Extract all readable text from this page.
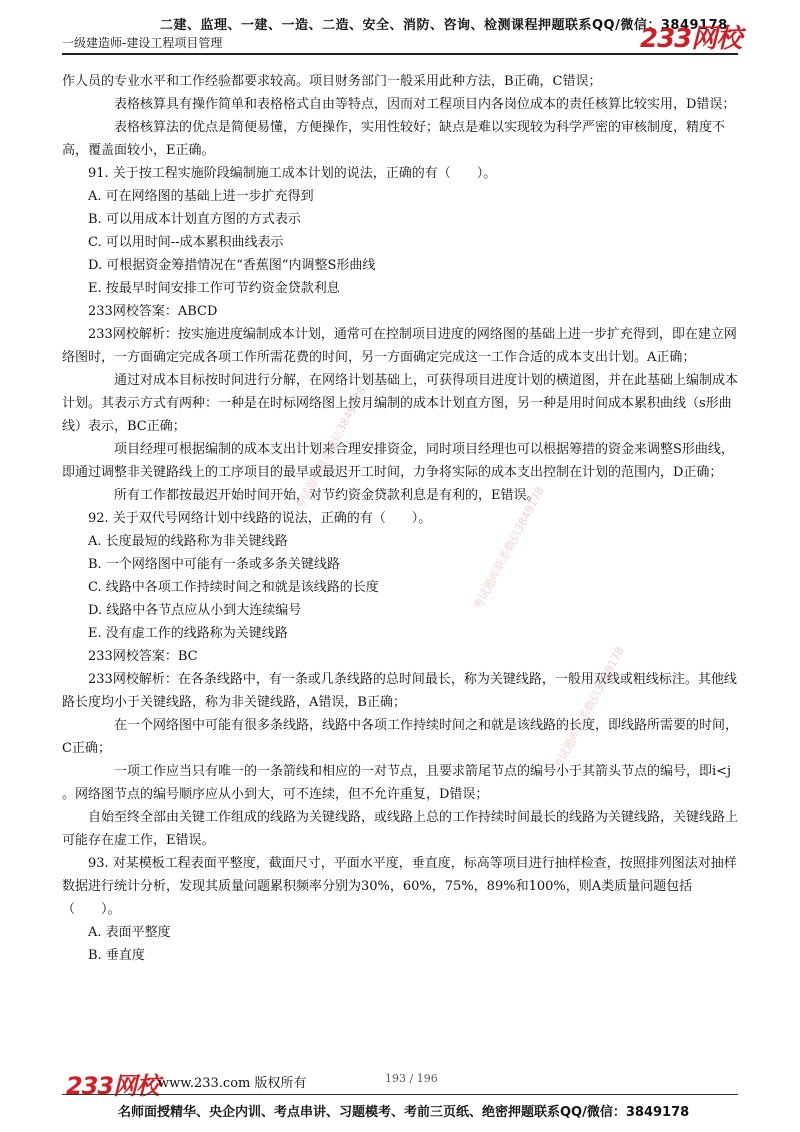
二建、监理、一建、一造、二造、安全、消防、咨询、检测课程押题联系QQ/微信：3849178
一级建造师-建设工程项目管理	233网校

作人员的专业水平和工作经验都要求较高。项目财务部门一般采用此种方法，B正确，C错误；

表格核算具有操作简单和表格格式自由等特点，因而对工程项目内各岗位成本的责任核算比较实用，D错误；

表格核算法的优点是简便易懂，方便操作，实用性较好；缺点是难以实现较为科学严密的审核制度，精度不高，覆盖面较小，E正确。

91. 关于按工程实施阶段编制施工成本计划的说法，正确的有（　　）。

A. 可在网络图的基础上进一步扩充得到

B. 可以用成本计划直方图的方式表示

C. 可以用时间--成本累积曲线表示

D. 可根据资金筹措情况在“香蕉图”内调整S形曲线

E. 按最早时间安排工作可节约资金贷款利息

233网校答案：ABCD

233网校解析：按实施进度编制成本计划，通常可在控制项目进度的网络图的基础上进一步扩充得到，即在建立网络图时，一方面确定完成各项工作所需花费的时间，另一方面确定完成这一工作合适的成本支出计划。A正确；

通过对成本目标按时间进行分解，在网络计划基础上，可获得项目进度计划的横道图，并在此基础上编制成本计划。其表示方式有两种：一种是在时标网络图上按月编制的成本计划直方图，另一种是用时间成本累积曲线（s形曲线）表示，BC正确；

项目经理可根据编制的成本支出计划来合理安排资金，同时项目经理也可以根据筹措的资金来调整S形曲线，即通过调整非关键路线上的工序项目的最早或最迟开工时间，力争将实际的成本支出控制在计划的范围内，D正确；

所有工作都按最迟开始时间开始，对节约资金贷款利息是有利的，E错误。

92. 关于双代号网络计划中线路的说法，正确的有（　　）。

A. 长度最短的线路称为非关键线路

B. 一个网络图中可能有一条或多条关键线路

C. 线路中各项工作持续时间之和就是该线路的长度

D. 线路中各节点应从小到大连续编号

E. 没有虚工作的线路称为关键线路

233网校答案：BC

233网校解析：在各条线路中，有一条或几条线路的总时间最长，称为关键线路，一般用双线或粗线标注。其他线路长度均小于关键线路，称为非关键线路，A错误，B正确；

在一个网络图中可能有很多条线路，线路中各项工作持续时间之和就是该线路的长度，即线路所需要的时间，C正确；

一项工作应当只有唯一的一条箭线和相应的一对节点，且要求箭尾节点的编号小于其箭头节点的编号，即i<j 。网络图节点的编号顺序应从小到大，可不连续，但不允许重复，D错误；

自始至终全部由关键工作组成的线路为关键线路，或线路上总的工作持续时间最长的线路为关键线路，关键线路上可能存在虚工作，E错误。

93. 对某模板工程表面平整度，截面尺寸，平面水平度，垂直度，标高等项目进行抽样检查，按照排列图法对抽样数据进行统计分析，发现其质量问题累积频率分别为30%，60%，75%，89%和100%，则A类质量问题包括（　　）。

A. 表面平整度

B. 垂直度

考试题库联系微信3849178
考试题库联系微信3849178
考试题库联系微信3849178
233网校
www.233.com 版权所有	193 / 196
名师面授精华、央企内训、考点串讲、习题模考、考前三页纸、绝密押题联系QQ/微信：3849178
